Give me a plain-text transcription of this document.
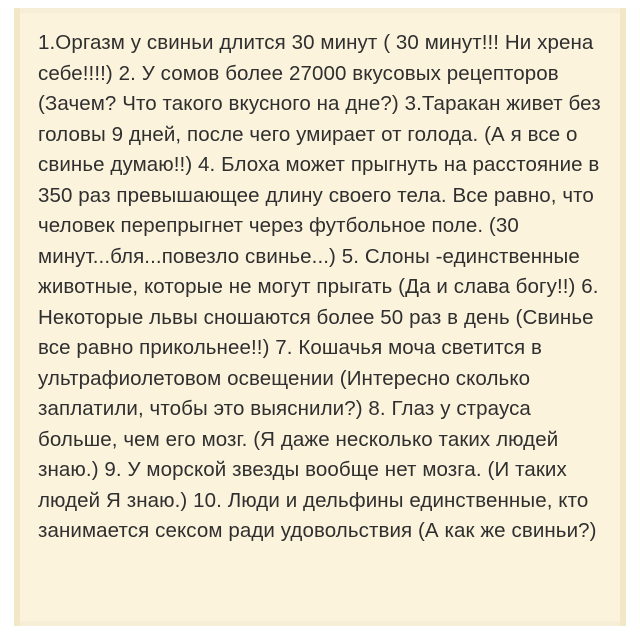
1.Оргазм у свиньи длится 30 минут ( 30 минут!!! Ни хрена себе!!!!) 2. У сомов более 27000 вкусовых рецепторов (Зачем? Что такого вкусного на дне?) 3.Таракан живет без головы 9 дней, после чего умирает от голода. (А я все о свинье думаю!!) 4. Блоха может прыгнуть на расстояние в 350 раз превышающее длину своего тела. Все равно, что человек перепрыгнет через футбольное поле. (30 минут...бля...повезло свинье...) 5. Слоны -единственные животные, которые не могут прыгать (Да и слава богу!!) 6. Некоторые львы сношаются более 50 раз в день (Свинье все равно прикольнее!!) 7. Кошачья моча светится в ультрафиолетовом освещении (Интересно сколько заплатили, чтобы это выяснили?) 8. Глаз у страуса больше, чем его мозг. (Я даже несколько таких людей знаю.) 9. У морской звезды вообще нет мозга. (И таких людей Я знаю.) 10. Люди и дельфины единственные, кто занимается сексом ради удовольствия (А как же свиньи?)
